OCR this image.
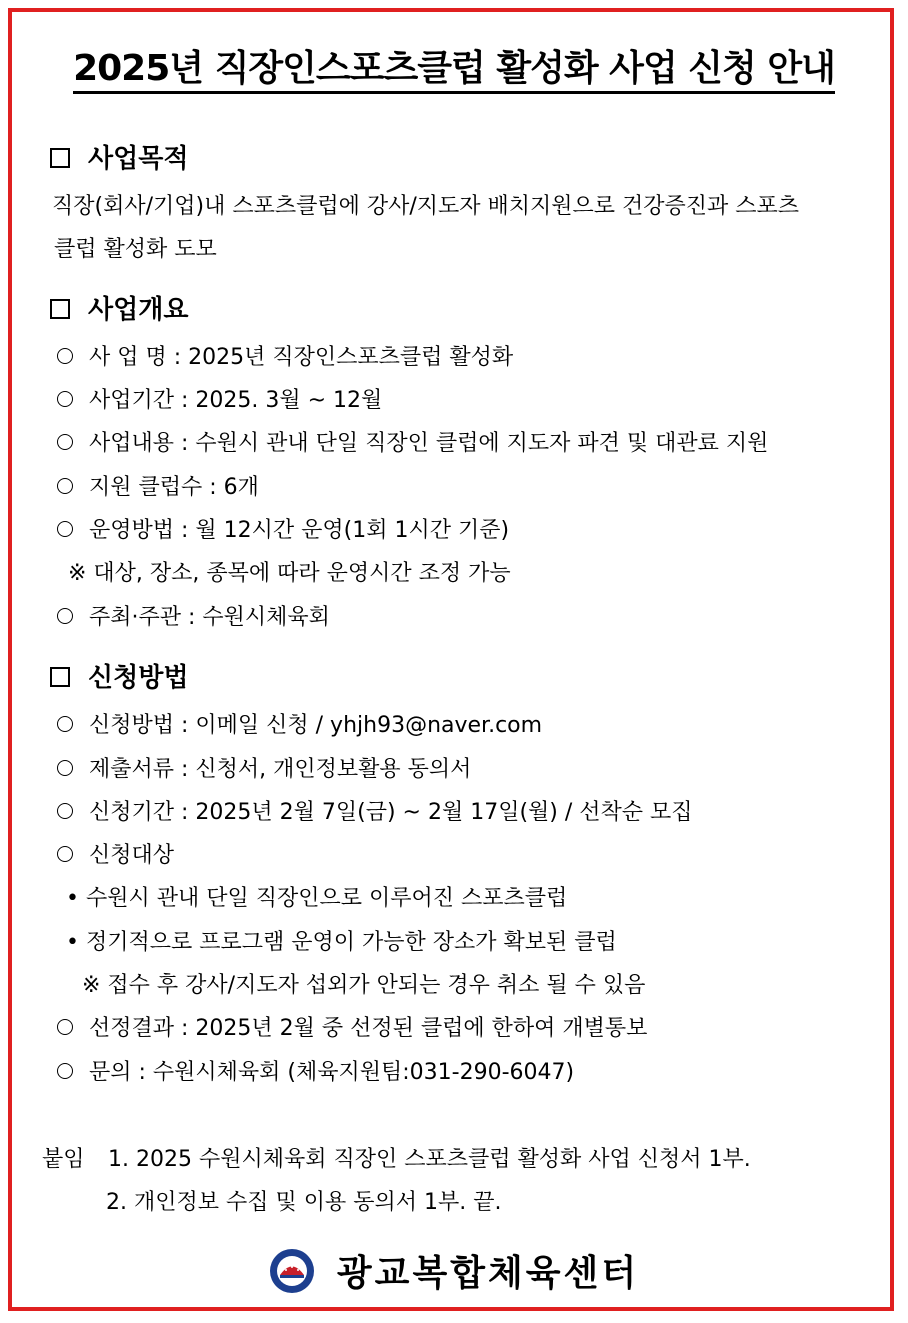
2025년 직장인스포츠클럽 활성화 사업 신청 안내
사업목적
직장(회사/기업)내 스포츠클럽에 강사/지도자 배치지원으로 건강증진과 스포츠
클럽 활성화 도모
사업개요
사 업 명 : 2025년 직장인스포츠클럽 활성화
사업기간 : 2025. 3월 ~ 12월
사업내용 : 수원시 관내 단일 직장인 클럽에 지도자 파견 및 대관료 지원
지원 클럽수 : 6개
운영방법 : 월 12시간 운영(1회 1시간 기준)
※ 대상, 장소, 종목에 따라 운영시간 조정 가능
주최·주관 : 수원시체육회
신청방법
신청방법 : 이메일 신청 / yhjh93@naver.com
제출서류 : 신청서, 개인정보활용 동의서
신청기간 : 2025년 2월 7일(금) ~ 2월 17일(월) / 선착순 모집
신청대상
• 수원시 관내 단일 직장인으로 이루어진 스포츠클럽
• 정기적으로 프로그램 운영이 가능한 장소가 확보된 클럽
※ 접수 후 강사/지도자 섭외가 안되는 경우 취소 될 수 있음
선정결과 : 2025년 2월 중 선정된 클럽에 한하여 개별통보
문의 : 수원시체육회 (체육지원팀:031-290-6047)
붙임 1. 2025 수원시체육회 직장인 스포츠클럽 활성화 사업 신청서 1부.
2. 개인정보 수집 및 이용 동의서 1부. 끝.
광교복합체육센터
